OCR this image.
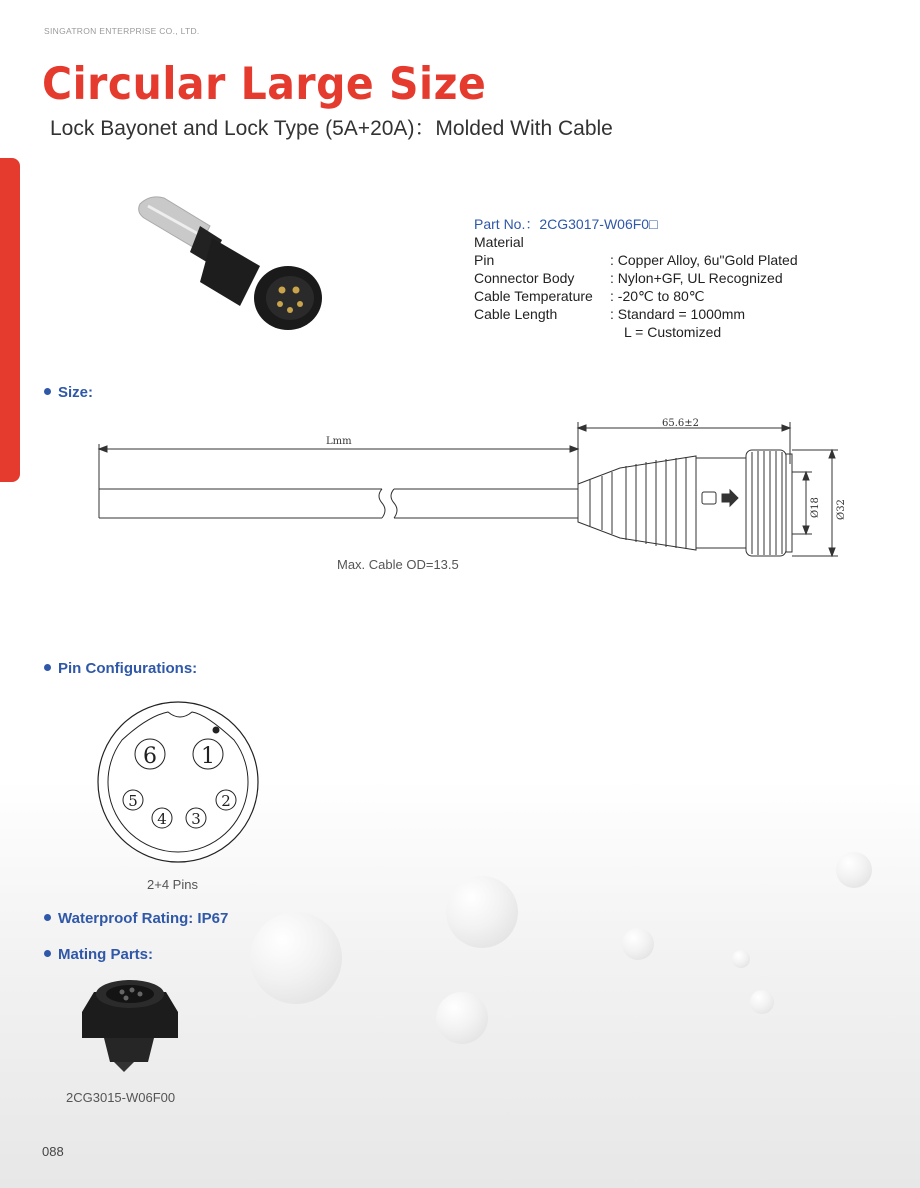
SINGATRON ENTERPRISE CO., LTD.
Circular Large Size
Lock Bayonet and Lock Type (5A+20A)：Molded With Cable
Part No.：2CG3017-W06F0□
Material
Pin	: Copper Alloy, 6u"Gold Plated
Connector Body	: Nylon+GF, UL Recognized
Cable Temperature	: -20℃ to 80℃
Cable Length	: Standard = 1000mm
L = Customized
Size:
Lmm
65.6±2
Ø18 Ø32
Max. Cable OD=13.5
Pin Configurations:
6 1
5	2
4 3
2+4 Pins
Waterproof Rating: IP67
Mating Parts:
2CG3015-W06F00
088
